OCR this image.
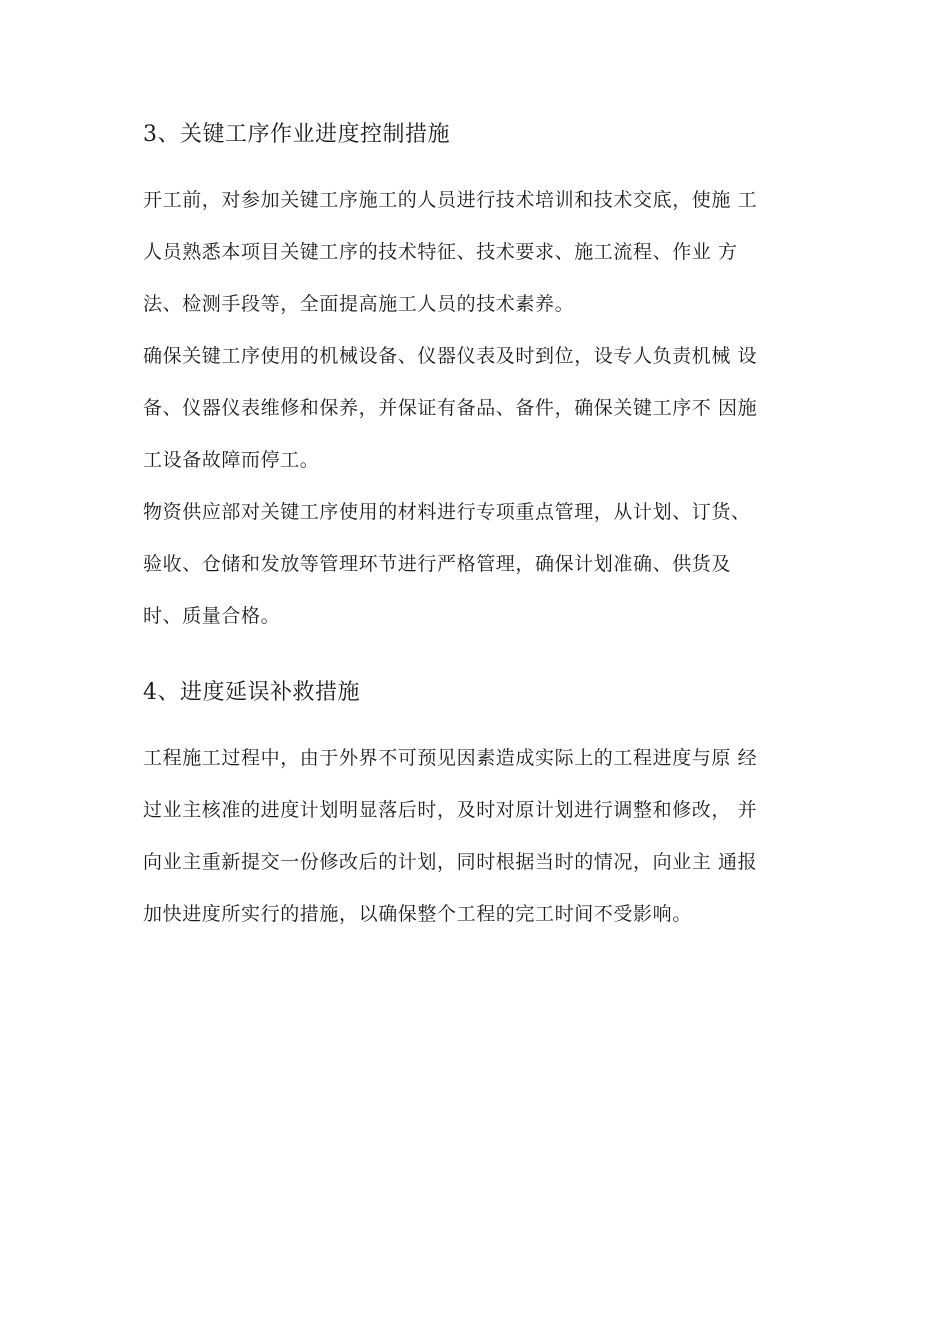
3、关键工序作业进度控制措施

开工前，对参加关键工序施工的人员进行技术培训和技术交底，使施 工
人员熟悉本项目关键工序的技术特征、技术要求、施工流程、作业 方
法、检测手段等，全面提高施工人员的技术素养。

确保关键工序使用的机械设备、仪器仪表及时到位，设专人负责机械 设
备、仪器仪表维修和保养，并保证有备品、备件，确保关键工序不 因施
工设备故障而停工。

物资供应部对关键工序使用的材料进行专项重点管理，从计划、订货、
验收、仓储和发放等管理环节进行严格管理，确保计划准确、供货及
时、质量合格。

4、进度延误补救措施

工程施工过程中，由于外界不可预见因素造成实际上的工程进度与原 经
过业主核准的进度计划明显落后时，及时对原计划进行调整和修改， 并
向业主重新提交一份修改后的计划，同时根据当时的情况，向业主 通报
加快进度所实行的措施，以确保整个工程的完工时间不受影响。
